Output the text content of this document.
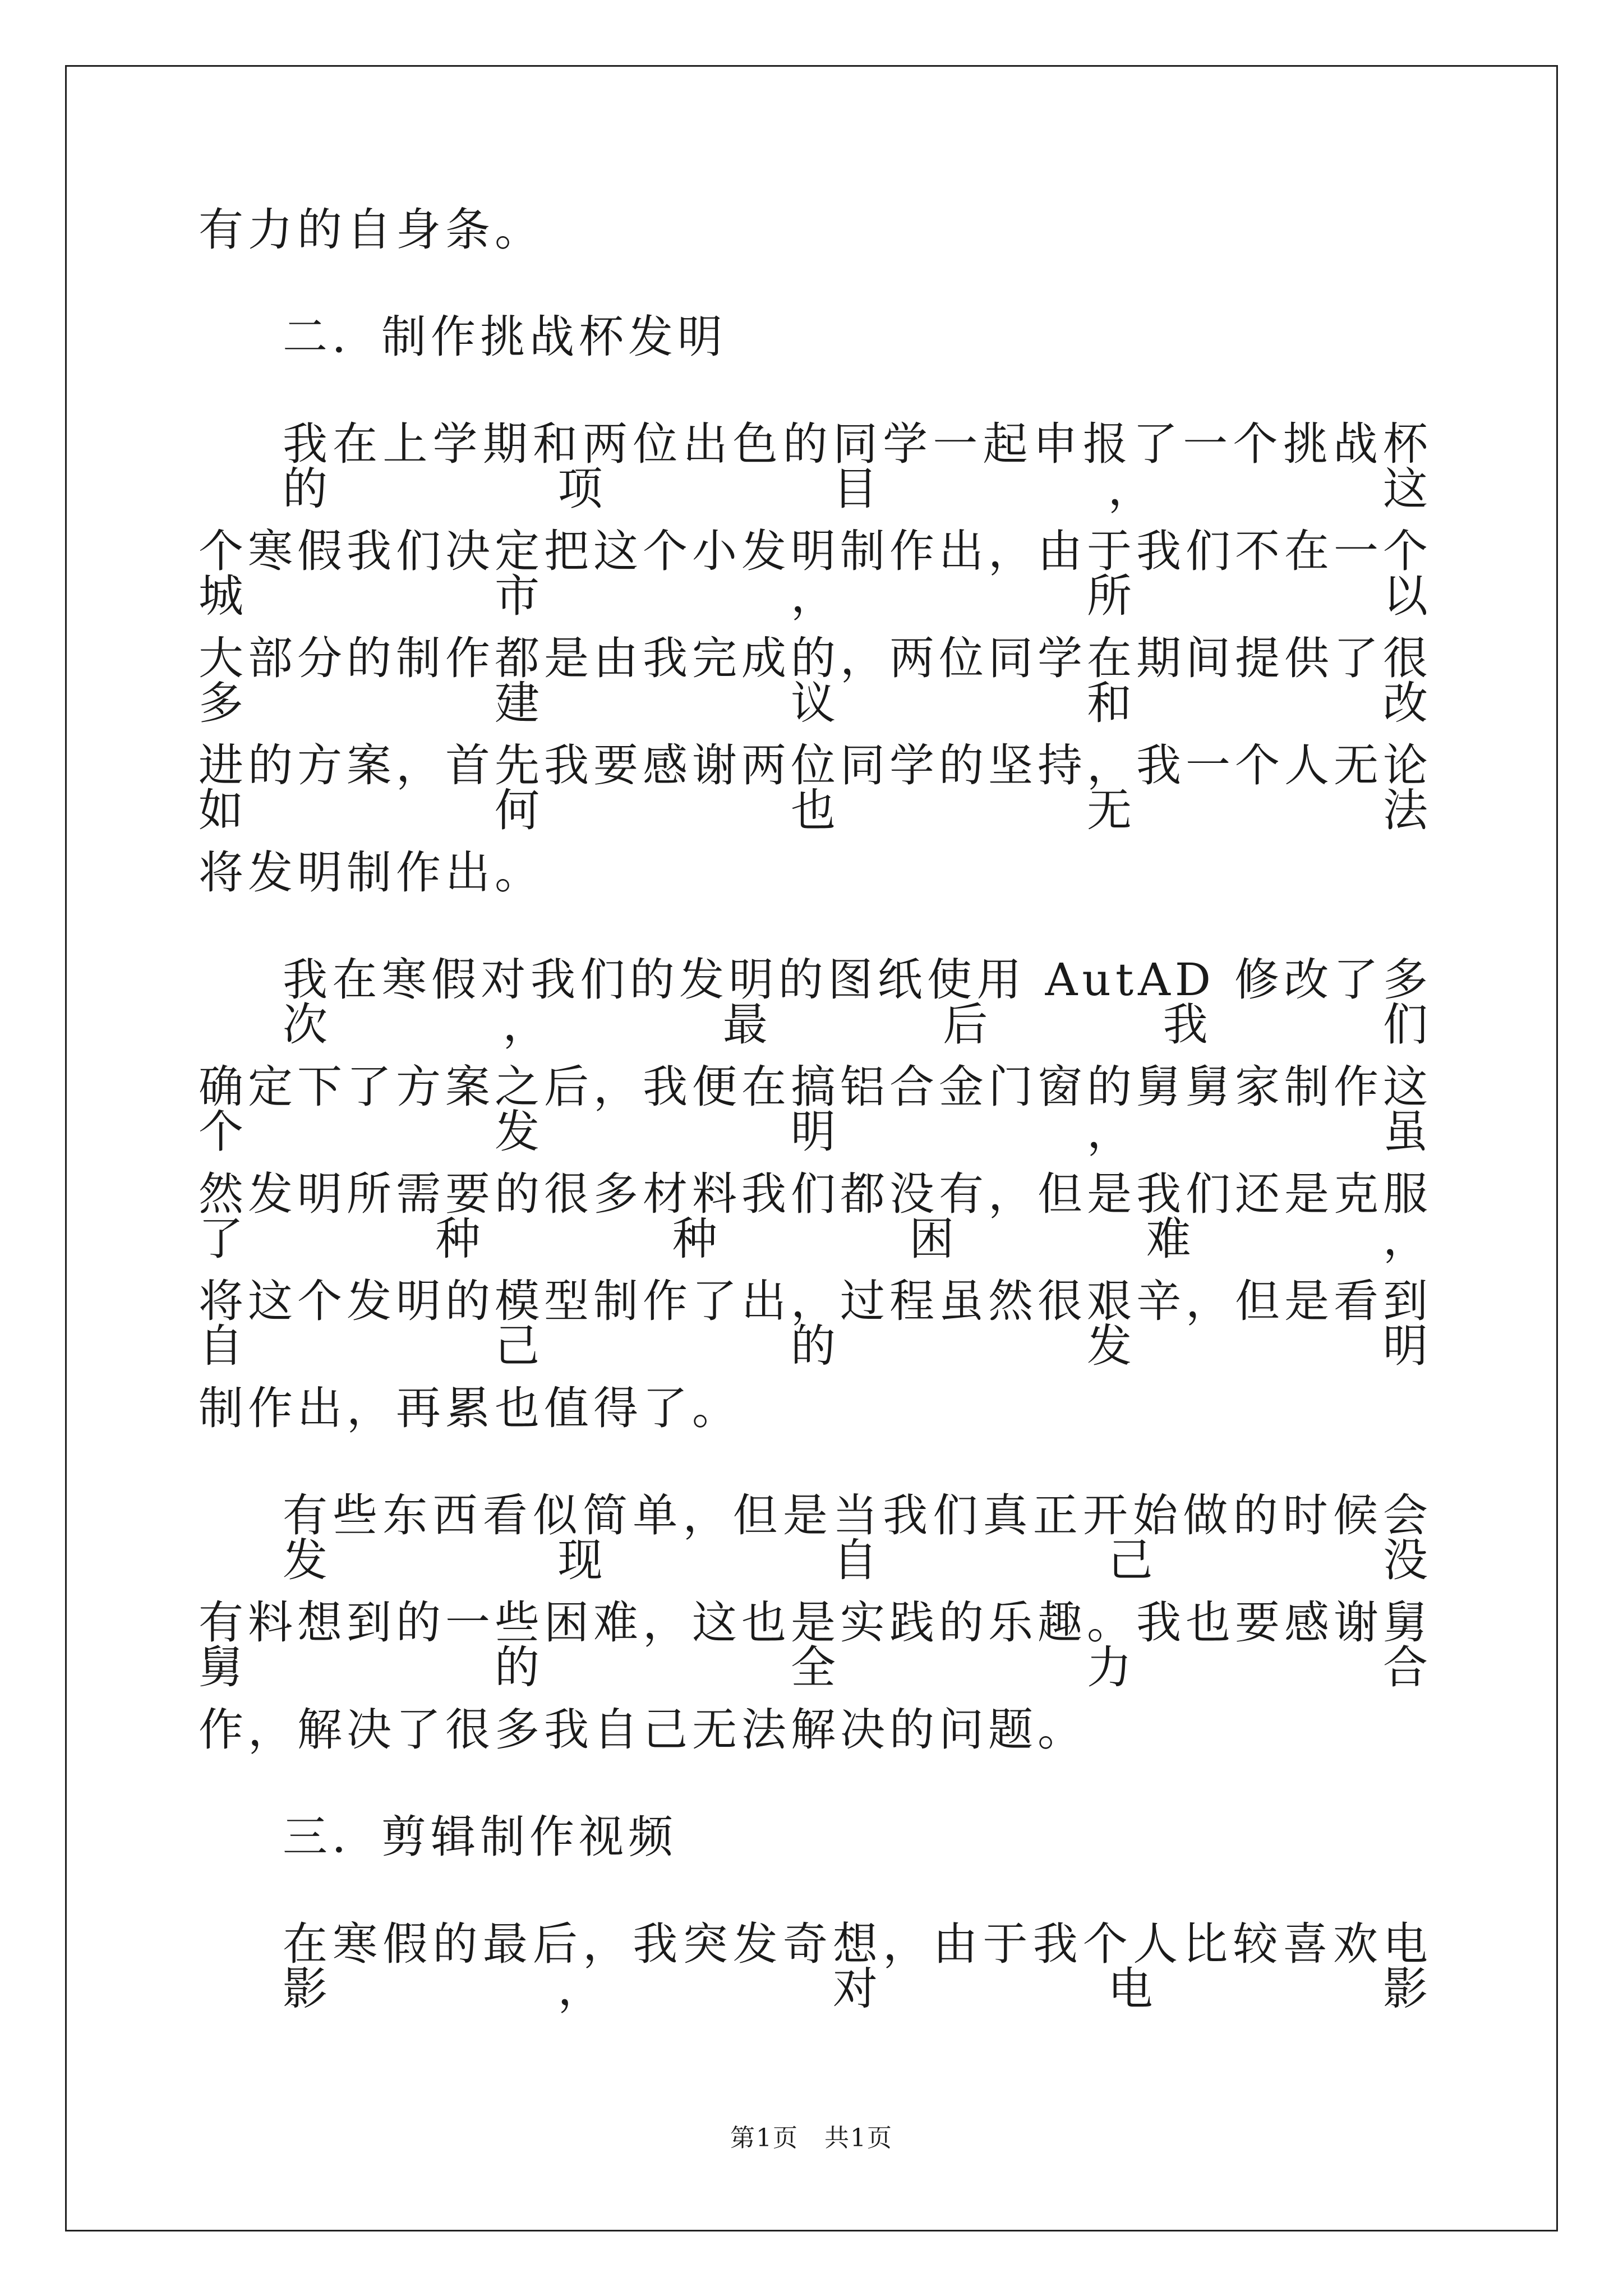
有力的自身条。
二．制作挑战杯发明
我在上学期和两位出色的同学一起申报了一个挑战杯的项目，这
个寒假我们决定把这个小发明制作出，由于我们不在一个城市，所以
大部分的制作都是由我完成的，两位同学在期间提供了很多建议和改
进的方案，首先我要感谢两位同学的坚持，我一个人无论如何也无法
将发明制作出。
我在寒假对我们的发明的图纸使用 AutAD 修改了多次，最后我们
确定下了方案之后，我便在搞铝合金门窗的舅舅家制作这个发明，虽
然发明所需要的很多材料我们都没有，但是我们还是克服了种种困难，
将这个发明的模型制作了出，过程虽然很艰辛，但是看到自己的发明
制作出，再累也值得了。
有些东西看似简单，但是当我们真正开始做的时候会发现自己没
有料想到的一些困难，这也是实践的乐趣。我也要感谢舅舅的全力合
作，解决了很多我自己无法解决的问题。
三．剪辑制作视频
在寒假的最后，我突发奇想，由于我个人比较喜欢电影，对电影
第1页　共1页
